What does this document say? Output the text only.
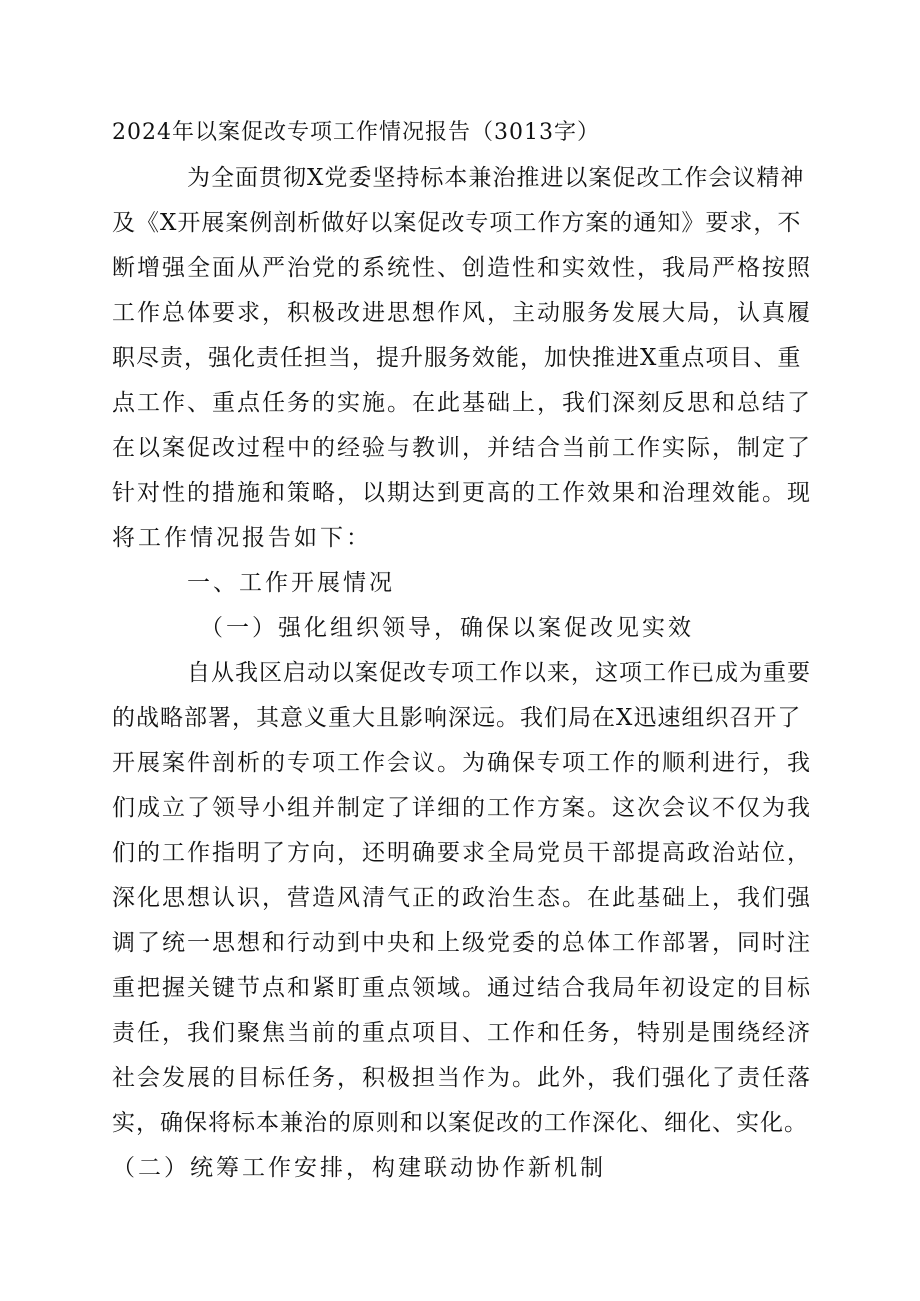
2024年以案促改专项工作情况报告（3013字）

为全面贯彻X党委坚持标本兼治推进以案促改工作会议精神

及《X开展案例剖析做好以案促改专项工作方案的通知》要求，不

断增强全面从严治党的系统性、创造性和实效性，我局严格按照

工作总体要求，积极改进思想作风，主动服务发展大局，认真履

职尽责，强化责任担当，提升服务效能，加快推进X重点项目、重

点工作、重点任务的实施。在此基础上，我们深刻反思和总结了

在以案促改过程中的经验与教训，并结合当前工作实际，制定了

针对性的措施和策略，以期达到更高的工作效果和治理效能。现

将工作情况报告如下：

一、工作开展情况

（一）强化组织领导，确保以案促改见实效

自从我区启动以案促改专项工作以来，这项工作已成为重要

的战略部署，其意义重大且影响深远。我们局在X迅速组织召开了

开展案件剖析的专项工作会议。为确保专项工作的顺利进行，我

们成立了领导小组并制定了详细的工作方案。这次会议不仅为我

们的工作指明了方向，还明确要求全局党员干部提高政治站位，

深化思想认识，营造风清气正的政治生态。在此基础上，我们强

调了统一思想和行动到中央和上级党委的总体工作部署，同时注

重把握关键节点和紧盯重点领域。通过结合我局年初设定的目标

责任，我们聚焦当前的重点项目、工作和任务，特别是围绕经济

社会发展的目标任务，积极担当作为。此外，我们强化了责任落

实，确保将标本兼治的原则和以案促改的工作深化、细化、实化。

（二）统筹工作安排，构建联动协作新机制
